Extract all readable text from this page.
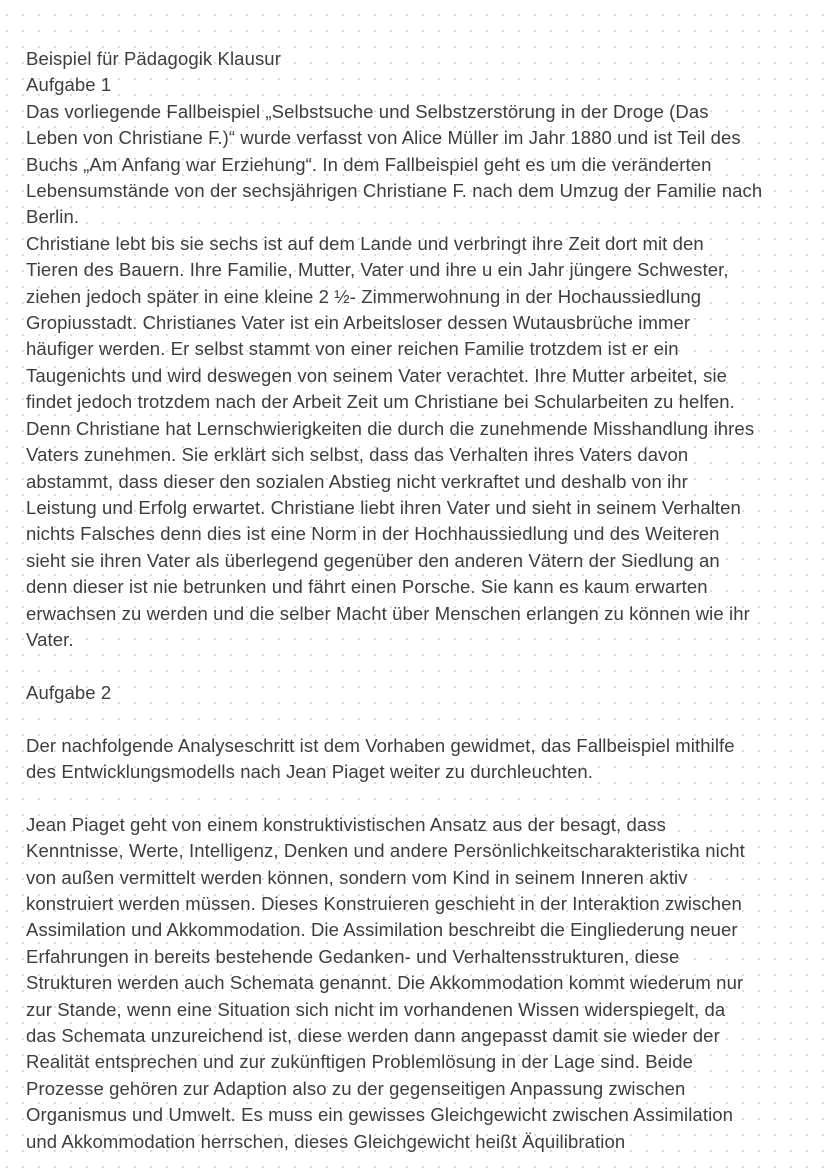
Beispiel für Pädagogik Klausur
Aufgabe 1
Das vorliegende Fallbeispiel „Selbstsuche und Selbstzerstörung in der Droge (Das
Leben von Christiane F.)“ wurde verfasst von Alice Müller im Jahr 1880 und ist Teil des
Buchs „Am Anfang war Erziehung“. In dem Fallbeispiel geht es um die veränderten
Lebensumstände von der sechsjährigen Christiane F. nach dem Umzug der Familie nach
Berlin.
Christiane lebt bis sie sechs ist auf dem Lande und verbringt ihre Zeit dort mit den
Tieren des Bauern. Ihre Familie, Mutter, Vater und ihre u ein Jahr jüngere Schwester,
ziehen jedoch später in eine kleine 2 ½- Zimmerwohnung in der Hochaussiedlung
Gropiusstadt. Christianes Vater ist ein Arbeitsloser dessen Wutausbrüche immer
häufiger werden. Er selbst stammt von einer reichen Familie trotzdem ist er ein
Taugenichts und wird deswegen von seinem Vater verachtet. Ihre Mutter arbeitet, sie
findet jedoch trotzdem nach der Arbeit Zeit um Christiane bei Schularbeiten zu helfen.
Denn Christiane hat Lernschwierigkeiten die durch die zunehmende Misshandlung ihres
Vaters zunehmen. Sie erklärt sich selbst, dass das Verhalten ihres Vaters davon
abstammt, dass dieser den sozialen Abstieg nicht verkraftet und deshalb von ihr
Leistung und Erfolg erwartet. Christiane liebt ihren Vater und sieht in seinem Verhalten
nichts Falsches denn dies ist eine Norm in der Hochhaussiedlung und des Weiteren
sieht sie ihren Vater als überlegend gegenüber den anderen Vätern der Siedlung an
denn dieser ist nie betrunken und fährt einen Porsche. Sie kann es kaum erwarten
erwachsen zu werden und die selber Macht über Menschen erlangen zu können wie ihr
Vater.

Aufgabe 2

Der nachfolgende Analyseschritt ist dem Vorhaben gewidmet, das Fallbeispiel mithilfe
des Entwicklungsmodells nach Jean Piaget weiter zu durchleuchten.

Jean Piaget geht von einem konstruktivistischen Ansatz aus der besagt, dass
Kenntnisse, Werte, Intelligenz, Denken und andere Persönlichkeitscharakteristika nicht
von außen vermittelt werden können, sondern vom Kind in seinem Inneren aktiv
konstruiert werden müssen. Dieses Konstruieren geschieht in der Interaktion zwischen
Assimilation und Akkommodation. Die Assimilation beschreibt die Eingliederung neuer
Erfahrungen in bereits bestehende Gedanken- und Verhaltensstrukturen, diese
Strukturen werden auch Schemata genannt. Die Akkommodation kommt wiederum nur
zur Stande, wenn eine Situation sich nicht im vorhandenen Wissen widerspiegelt, da
das Schemata unzureichend ist, diese werden dann angepasst damit sie wieder der
Realität entsprechen und zur zukünftigen Problemlösung in der Lage sind. Beide
Prozesse gehören zur Adaption also zu der gegenseitigen Anpassung zwischen
Organismus und Umwelt. Es muss ein gewisses Gleichgewicht zwischen Assimilation
und Akkommodation herrschen, dieses Gleichgewicht heißt Äquilibration
